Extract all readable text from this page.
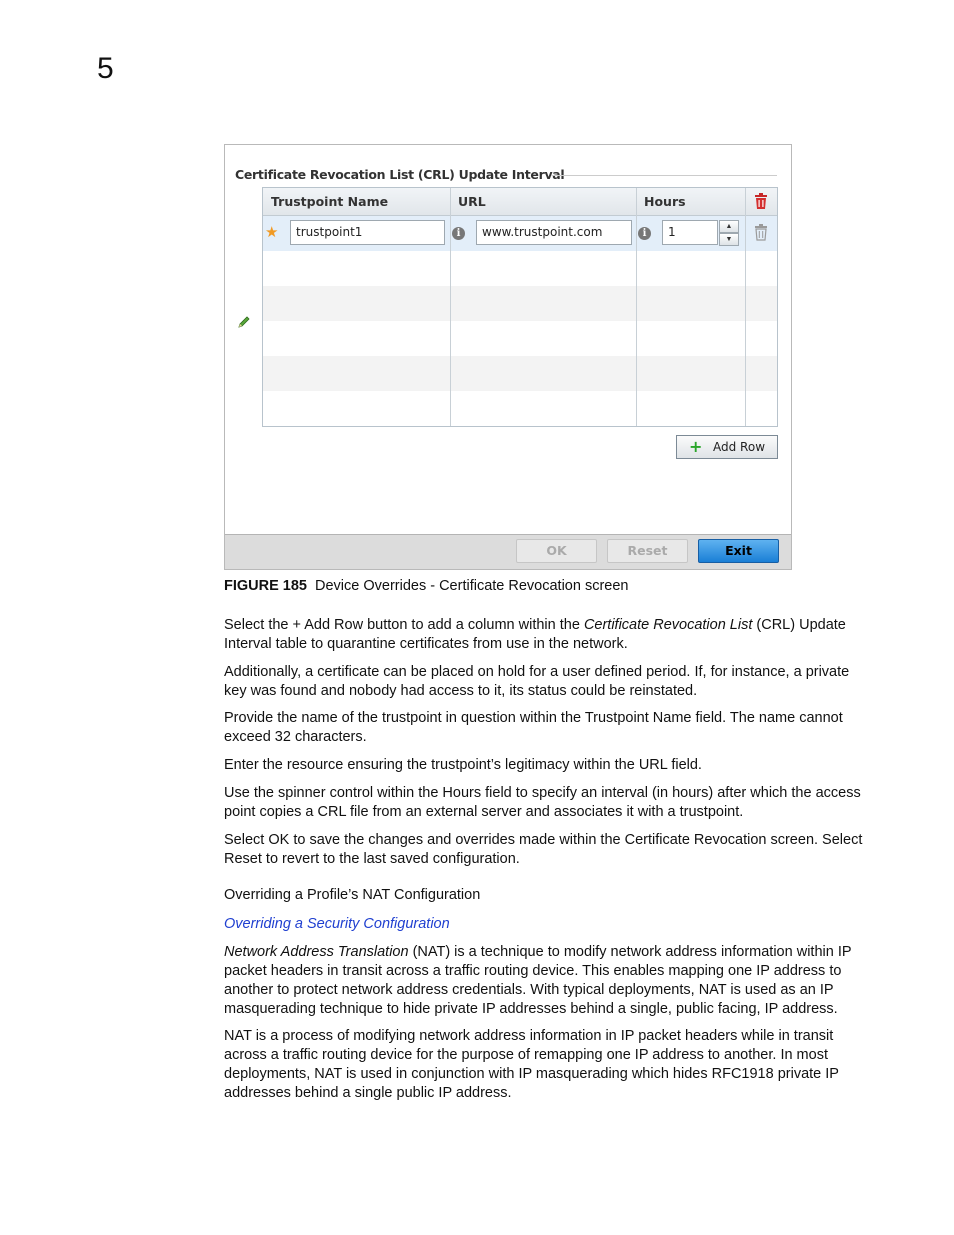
5
Certificate Revocation List (CRL) Update Interval
Trustpoint Name	URL	Hours
★	trustpoint1	i	www.trustpoint.com	i	1	▲
▼
+ Add Row
OK	Reset	Exit
FIGURE 185 Device Overrides - Certificate Revocation screen
Select the + Add Row button to add a column within the Certificate Revocation List (CRL) Update Interval table to quarantine certificates from use in the network.
Additionally, a certificate can be placed on hold for a user defined period. If, for instance, a private key was found and nobody had access to it, its status could be reinstated.
Provide the name of the trustpoint in question within the Trustpoint Name field. The name cannot exceed 32 characters.
Enter the resource ensuring the trustpoint’s legitimacy within the URL field.
Use the spinner control within the Hours field to specify an interval (in hours) after which the access point copies a CRL file from an external server and associates it with a trustpoint.
Select OK to save the changes and overrides made within the Certificate Revocation screen. Select Reset to revert to the last saved configuration.
Overriding a Profile’s NAT Configuration
Overriding a Security Configuration
Network Address Translation (NAT) is a technique to modify network address information within IP packet headers in transit across a traffic routing device. This enables mapping one IP address to another to protect network address credentials. With typical deployments, NAT is used as an IP masquerading technique to hide private IP addresses behind a single, public facing, IP address.
NAT is a process of modifying network address information in IP packet headers while in transit across a traffic routing device for the purpose of remapping one IP address to another. In most deployments, NAT is used in conjunction with IP masquerading which hides RFC1918 private IP addresses behind a single public IP address.
